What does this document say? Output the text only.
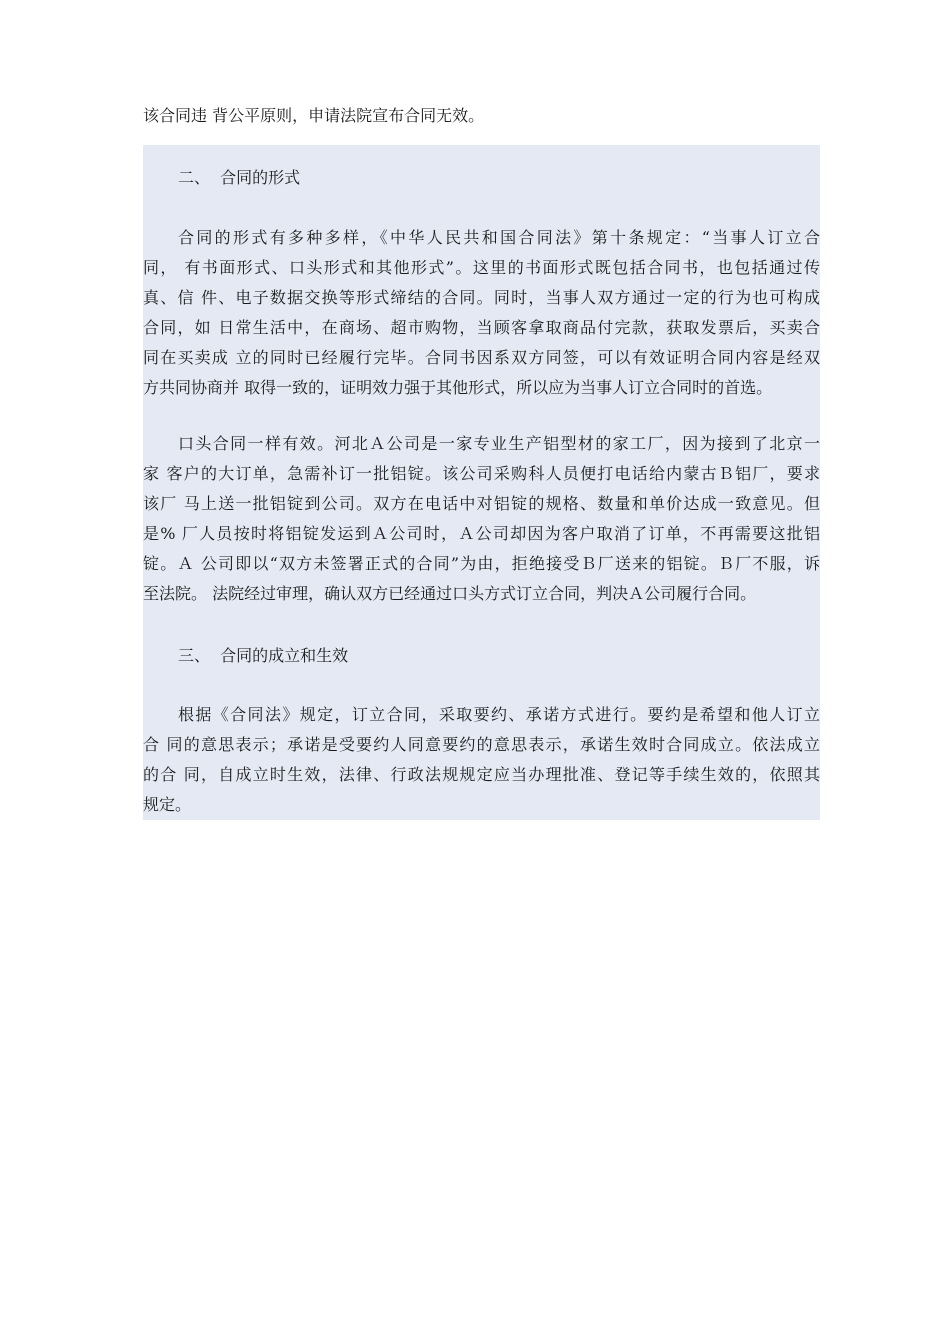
该合同违 背公平原则，申请法院宣布合同无效。
二、  合同的形式
合同的形式有多种多样，《中华人民共和国合同法》第十条规定：“当事人订立合
同， 有书面形式、口头形式和其他形式”。这里的书面形式既包括合同书，也包括通过传
真、信 件、电子数据交换等形式缔结的合同。同时，当事人双方通过一定的行为也可构成
合同，如 日常生活中，在商场、超市购物，当顾客拿取商品付完款，获取发票后，买卖合
同在买卖成 立的同时已经履行完毕。合同书因系双方同签，可以有效证明合同内容是经双
方共同协商并 取得一致的，证明效力强于其他形式，所以应为当事人订立合同时的首选。
口头合同一样有效。河北Ａ公司是一家专业生产铝型材的家工厂，因为接到了北京一
家 客户的大订单，急需补订一批铝锭。该公司采购科人员便打电话给内蒙古Ｂ铝厂，要求
该厂 马上送一批铝锭到公司。双方在电话中对铝锭的规格、数量和单价达成一致意见。但
是% 厂人员按时将铝锭发运到Ａ公司时，Ａ公司却因为客户取消了订单，不再需要这批铝
锭。Ａ 公司即以“双方未签署正式的合同”为由，拒绝接受Ｂ厂送来的铝锭。Ｂ厂不服，诉
至法院。 法院经过审理，确认双方已经通过口头方式订立合同，判决Ａ公司履行合同。
三、  合同的成立和生效
根据《合同法》规定，订立合同，采取要约、承诺方式进行。要约是希望和他人订立
合 同的意思表示；承诺是受要约人同意要约的意思表示，承诺生效时合同成立。依法成立
的合 同，自成立时生效，法律、行政法规规定应当办理批准、登记等手续生效的，依照其
规定。
